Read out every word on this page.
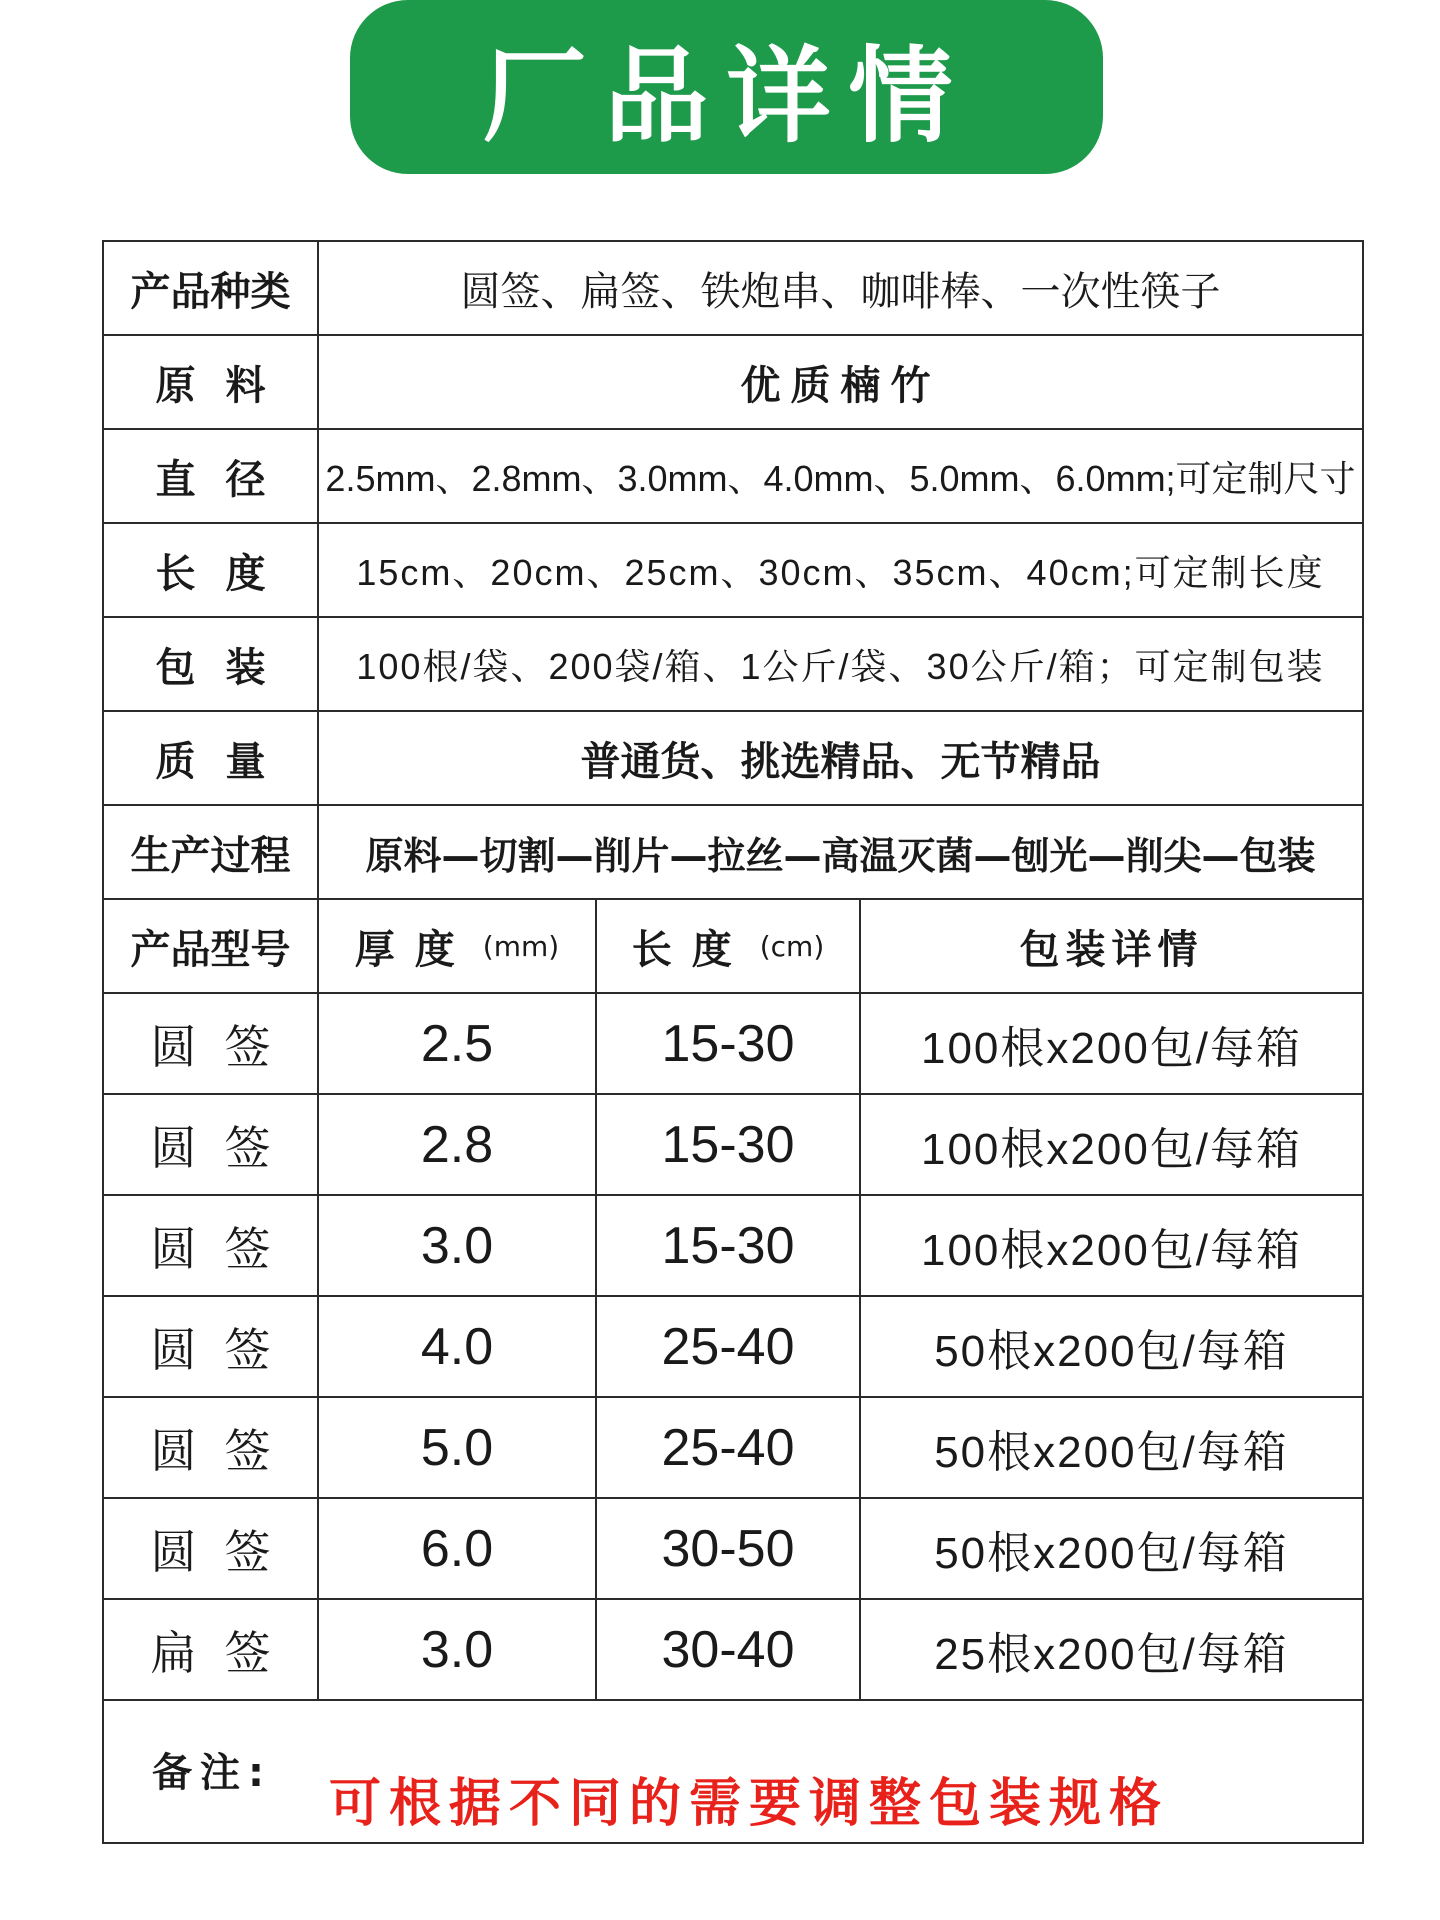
厂品详情
产品种类	圆签、扁签、铁炮串、咖啡棒、一次性筷子
原料	优质楠竹
直径 2.5mm、2.8mm、3.0mm、4.0mm、5.0mm、6.0mm;可定制尺寸
长度	15cm、20cm、25cm、30cm、35cm、40cm;可定制长度
包装	100根/袋、200袋/箱、1公斤/袋、30公斤/箱；可定制包装
质量	普通货、挑选精品、无节精品
生产过程	原料—切割—削片—拉丝—高温灭菌—刨光—削尖—包装
产品型号	厚度 (mm) 长度 (cm)	包装详情
圆签	2.5	15-30	100根x200包/每箱
圆签	2.8	15-30	100根x200包/每箱
圆签	3.0	15-30	100根x200包/每箱
圆签	4.0	25-40	50根x200包/每箱
圆签	5.0	25-40	50根x200包/每箱
圆签	6.0	30-50	50根x200包/每箱
扁签	3.0	30-40	25根x200包/每箱
备注:
可根据不同的需要调整包装规格
